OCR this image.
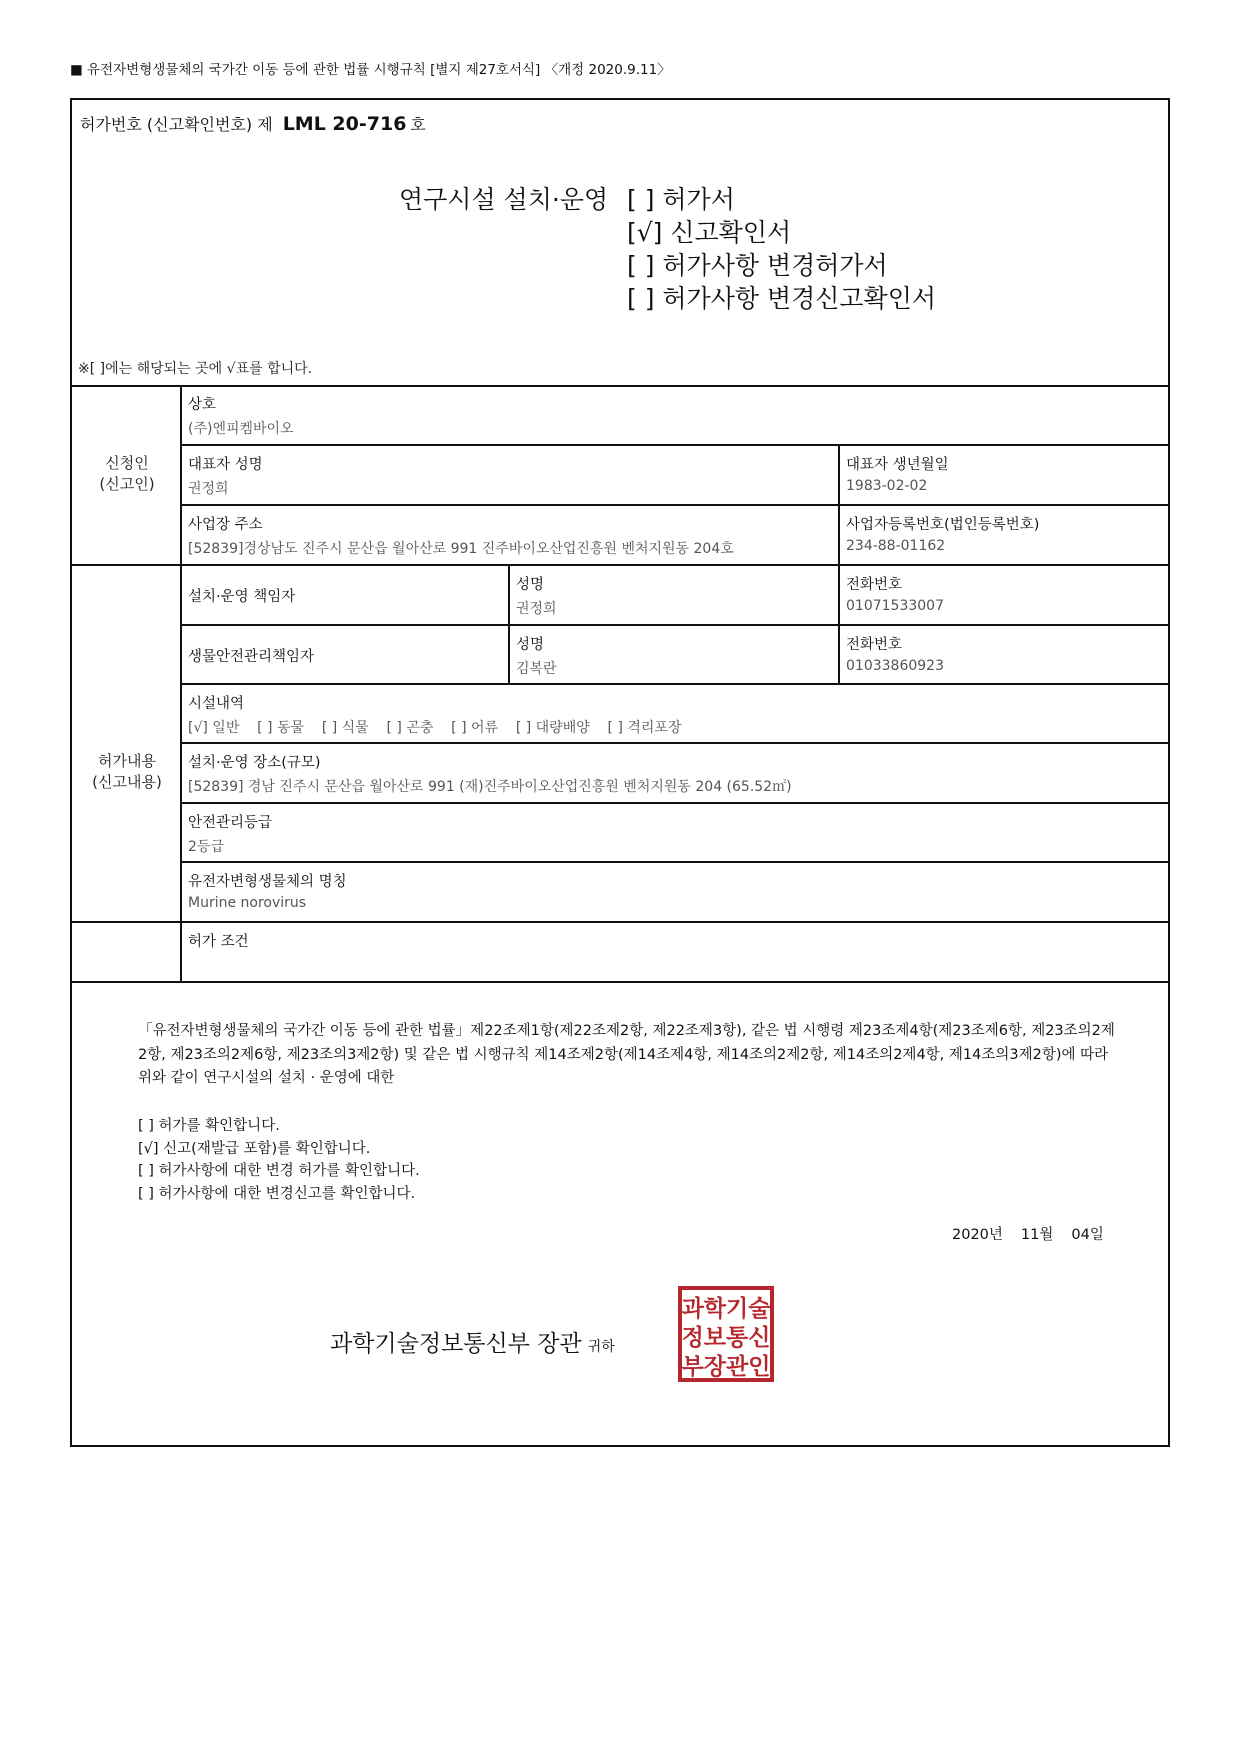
■ 유전자변형생물체의 국가간 이동 등에 관한 법률 시행규칙 [별지 제27호서식] 〈개정 2020.9.11〉
허가번호 (신고확인번호) 제 LML 20-716 호
연구시설 설치·운영 [ ] 허가서
[√] 신고확인서
[ ] 허가사항 변경허가서
[ ] 허가사항 변경신고확인서
※[ ]에는 해당되는 곳에 √표를 합니다.
신청인
(신고인)
상호
(주)엔피켐바이오
대표자 성명
권정희
대표자 생년월일
1983-02-02
사업장 주소
[52839]경상남도 진주시 문산읍 월아산로 991 진주바이오산업진흥원 벤처지원동 204호
사업자등록번호(법인등록번호)
234-88-01162
허가내용
(신고내용)
설치·운영 책임자
성명
권정희
전화번호
01071533007
생물안전관리책임자
성명
김복란
전화번호
01033860923
시설내역
[√] 일반    [ ] 동물    [ ] 식물    [ ] 곤충    [ ] 어류    [ ] 대량배양    [ ] 격리포장
설치·운영 장소(규모)
[52839] 경남 진주시 문산읍 월아산로 991 (재)진주바이오산업진흥원 벤처지원동 204 (65.52㎡)
안전관리등급
2등급
유전자변형생물체의 명칭
Murine norovirus
허가 조건
「유전자변형생물체의 국가간 이동 등에 관한 법률」제22조제1항(제22조제2항, 제22조제3항), 같은 법 시행령 제23조제4항(제23조제6항, 제23조의2제2항, 제23조의2제6항, 제23조의3제2항) 및 같은 법 시행규칙 제14조제2항(제14조제4항, 제14조의2제2항, 제14조의2제4항, 제14조의3제2항)에 따라 위와 같이 연구시설의 설치 · 운영에 대한
[ ] 허가를 확인합니다.
[√] 신고(재발급 포함)를 확인합니다.
[ ] 허가사항에 대한 변경 허가를 확인합니다.
[ ] 허가사항에 대한 변경신고를 확인합니다.
2020년 11월 04일
과학기술정보통신부 장관 귀하
과학기술
정보통신
부장관인
